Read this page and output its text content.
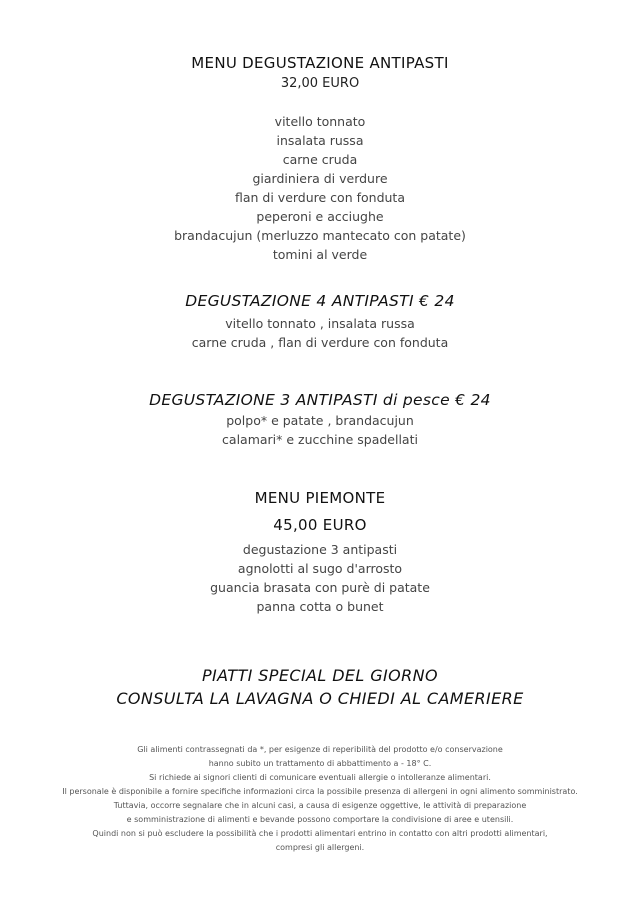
MENU DEGUSTAZIONE ANTIPASTI
32,00 EURO
vitello tonnato
insalata russa
carne cruda
giardiniera di verdure
flan di verdure con fonduta
peperoni e acciughe
brandacujun (merluzzo mantecato con patate)
tomini al verde
DEGUSTAZIONE 4 ANTIPASTI € 24
vitello tonnato , insalata russa
carne cruda , flan di verdure con fonduta
DEGUSTAZIONE 3 ANTIPASTI di pesce € 24
polpo* e patate , brandacujun
calamari* e zucchine spadellati
MENU PIEMONTE
45,00 EURO
degustazione 3 antipasti
agnolotti al sugo d'arrosto
guancia brasata con purè di patate
panna cotta o bunet
PIATTI SPECIAL DEL GIORNO
CONSULTA LA LAVAGNA O CHIEDI AL CAMERIERE
Gli alimenti contrassegnati da *, per esigenze di reperibilità del prodotto e/o conservazione
hanno subito un trattamento di abbattimento a - 18° C.
Si richiede ai signori clienti di comunicare eventuali allergie o intolleranze alimentari.
Il personale è disponibile a fornire specifiche informazioni circa la possibile presenza di allergeni in ogni alimento somministrato.
Tuttavia, occorre segnalare che in alcuni casi, a causa di esigenze oggettive, le attività di preparazione
e somministrazione di alimenti e bevande possono comportare la condivisione di aree e utensili.
Quindi non si può escludere la possibilità che i prodotti alimentari entrino in contatto con altri prodotti alimentari,
compresi gli allergeni.
